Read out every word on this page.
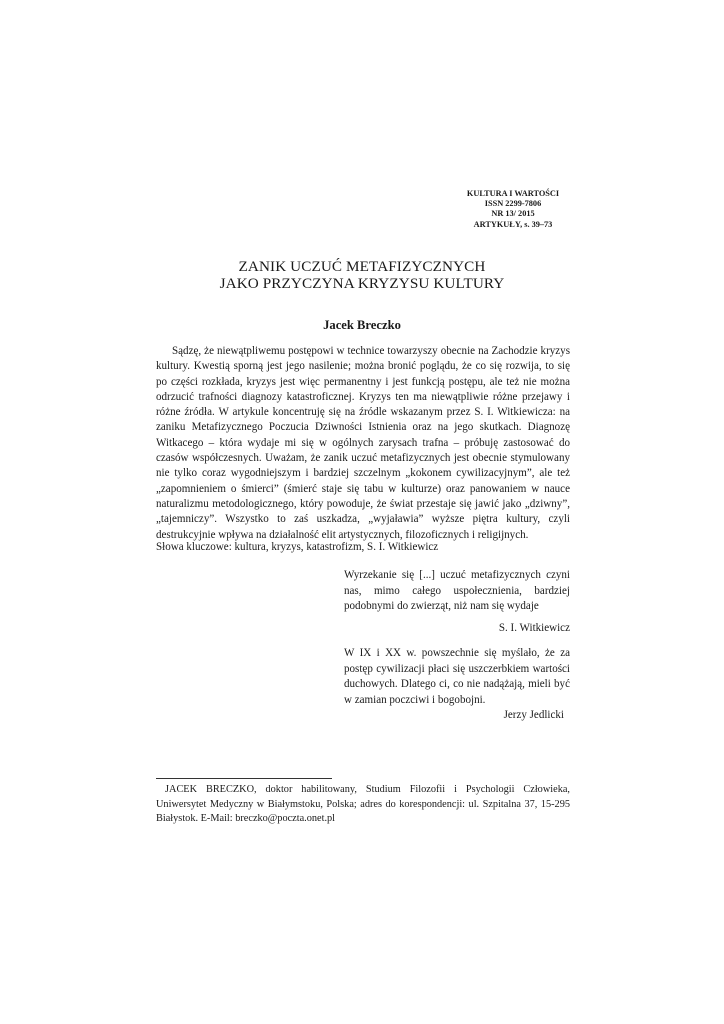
KULTURA I WARTOŚCI
ISSN 2299-7806
NR 13/ 2015
ARTYKUŁY, s. 39–73
ZANIK UCZUĆ METAFIZYCZNYCH
JAKO PRZYCZYNA KRYZYSU KULTURY
Jacek Breczko

Sądzę, że niewątpliwemu postępowi w technice towarzyszy obecnie na Zachodzie kryzys kultury. Kwestią sporną jest jego nasilenie; można bronić poglądu, że co się rozwija, to się po części rozkłada, kryzys jest więc permanentny i jest funkcją postępu, ale też nie można odrzucić trafności diagnozy katastroficznej. Kryzys ten ma niewątpliwie różne przejawy i różne źródła. W artykule koncentruję się na źródle wskazanym przez S. I. Witkiewicza: na zaniku Metafizycznego Poczucia Dziwności Istnienia oraz na jego skutkach. Diagnozę Witkacego – która wydaje mi się w ogólnych zarysach trafna – próbuję zastosować do czasów współczesnych. Uważam, że zanik uczuć metafizycznych jest obecnie stymulowany nie tylko coraz wygodniejszym i bardziej szczelnym „kokonem cywilizacyjnym”, ale też „zapomnieniem o śmierci” (śmierć staje się tabu w kulturze) oraz panowaniem w nauce naturalizmu metodologicznego, który powoduje, że świat przestaje się jawić jako „dziwny”, „tajemniczy”. Wszystko to zaś uszkadza, „wyjaławia” wyższe piętra kultury, czyli destrukcyjnie wpływa na działalność elit artystycznych, filozoficznych i religijnych.

Słowa kluczowe: kultura, kryzys, katastrofizm, S. I. Witkiewicz

Wyrzekanie się [...] uczuć metafizycznych czyni nas, mimo całego uspołecznienia, bardziej podobnymi do zwierząt, niż nam się wydaje

S. I. Witkiewicz

W IX i XX w. powszechnie się myślało, że za postęp cywilizacji płaci się uszczerbkiem wartości duchowych. Dlatego ci, co nie nadążają, mieli być w zamian poczciwi i bogobojni.

Jerzy Jedlicki

JACEK BRECZKO, doktor habilitowany, Studium Filozofii i Psychologii Człowieka, Uniwersytet Medyczny w Białymstoku, Polska; adres do korespondencji: ul. Szpitalna 37, 15-295 Białystok. E-Mail: breczko@poczta.onet.pl
